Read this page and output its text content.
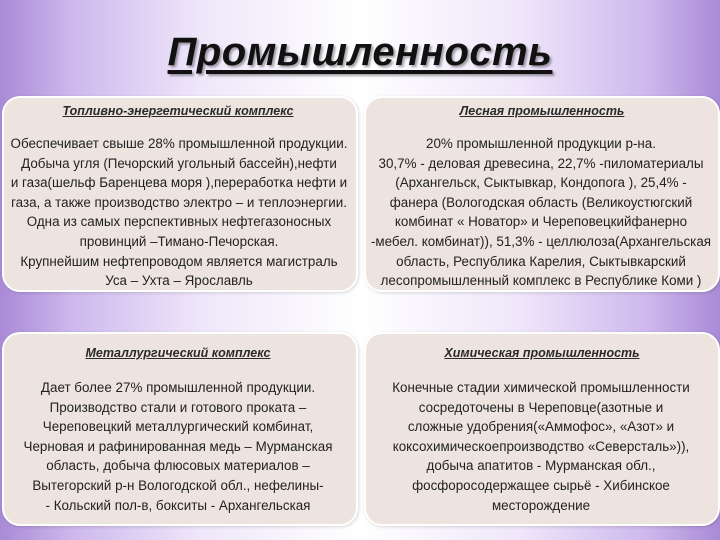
Промышленность
Топливно-энергетический комплекс
Обеспечивает свыше 28% промышленной продукции.
Добыча угля (Печорский угольный бассейн),нефти
и газа(шельф Баренцева моря ),переработка нефти и
газа, а также производство электро – и теплоэнергии.
Одна из самых перспективных нефтегазоносных
провинций –Тимано-Печорская.
Крупнейшим нефтепроводом является магистраль
Уса – Ухта – Ярославль
Лесная промышленность
20% промышленной продукции р-на.
30,7% - деловая древесина, 22,7% -пиломатериалы
(Архангельск, Сыктывкар, Кондопога ), 25,4% -
фанера (Вологодская область (Великоустюгский
комбинат « Новатор» и Череповецкийфанерно
-мебел. комбинат)), 51,3% - целлюлоза(Архангельская
область, Республика Карелия, Сыктывкарский
лесопромышленный комплекс в Республике Коми )
Металлургический комплекс
Дает более 27% промышленной продукции.
Производство стали и готового проката –
Череповецкий металлургический комбинат,
Черновая и рафинированная медь – Мурманская
область, добыча флюсовых материалов –
Вытегорский р-н Вологодской обл., нефелины-
- Кольский пол-в, бокситы - Архангельская
Химическая промышленность
Конечные стадии химической промышленности
сосредоточены в Череповце(азотные и
сложные удобрения(«Аммофос», «Азот» и
коксохимическоепроизводство «Северсталь»)),
добыча апатитов - Мурманская обл.,
фосфоросодержащее сырьё - Хибинское
месторождение
